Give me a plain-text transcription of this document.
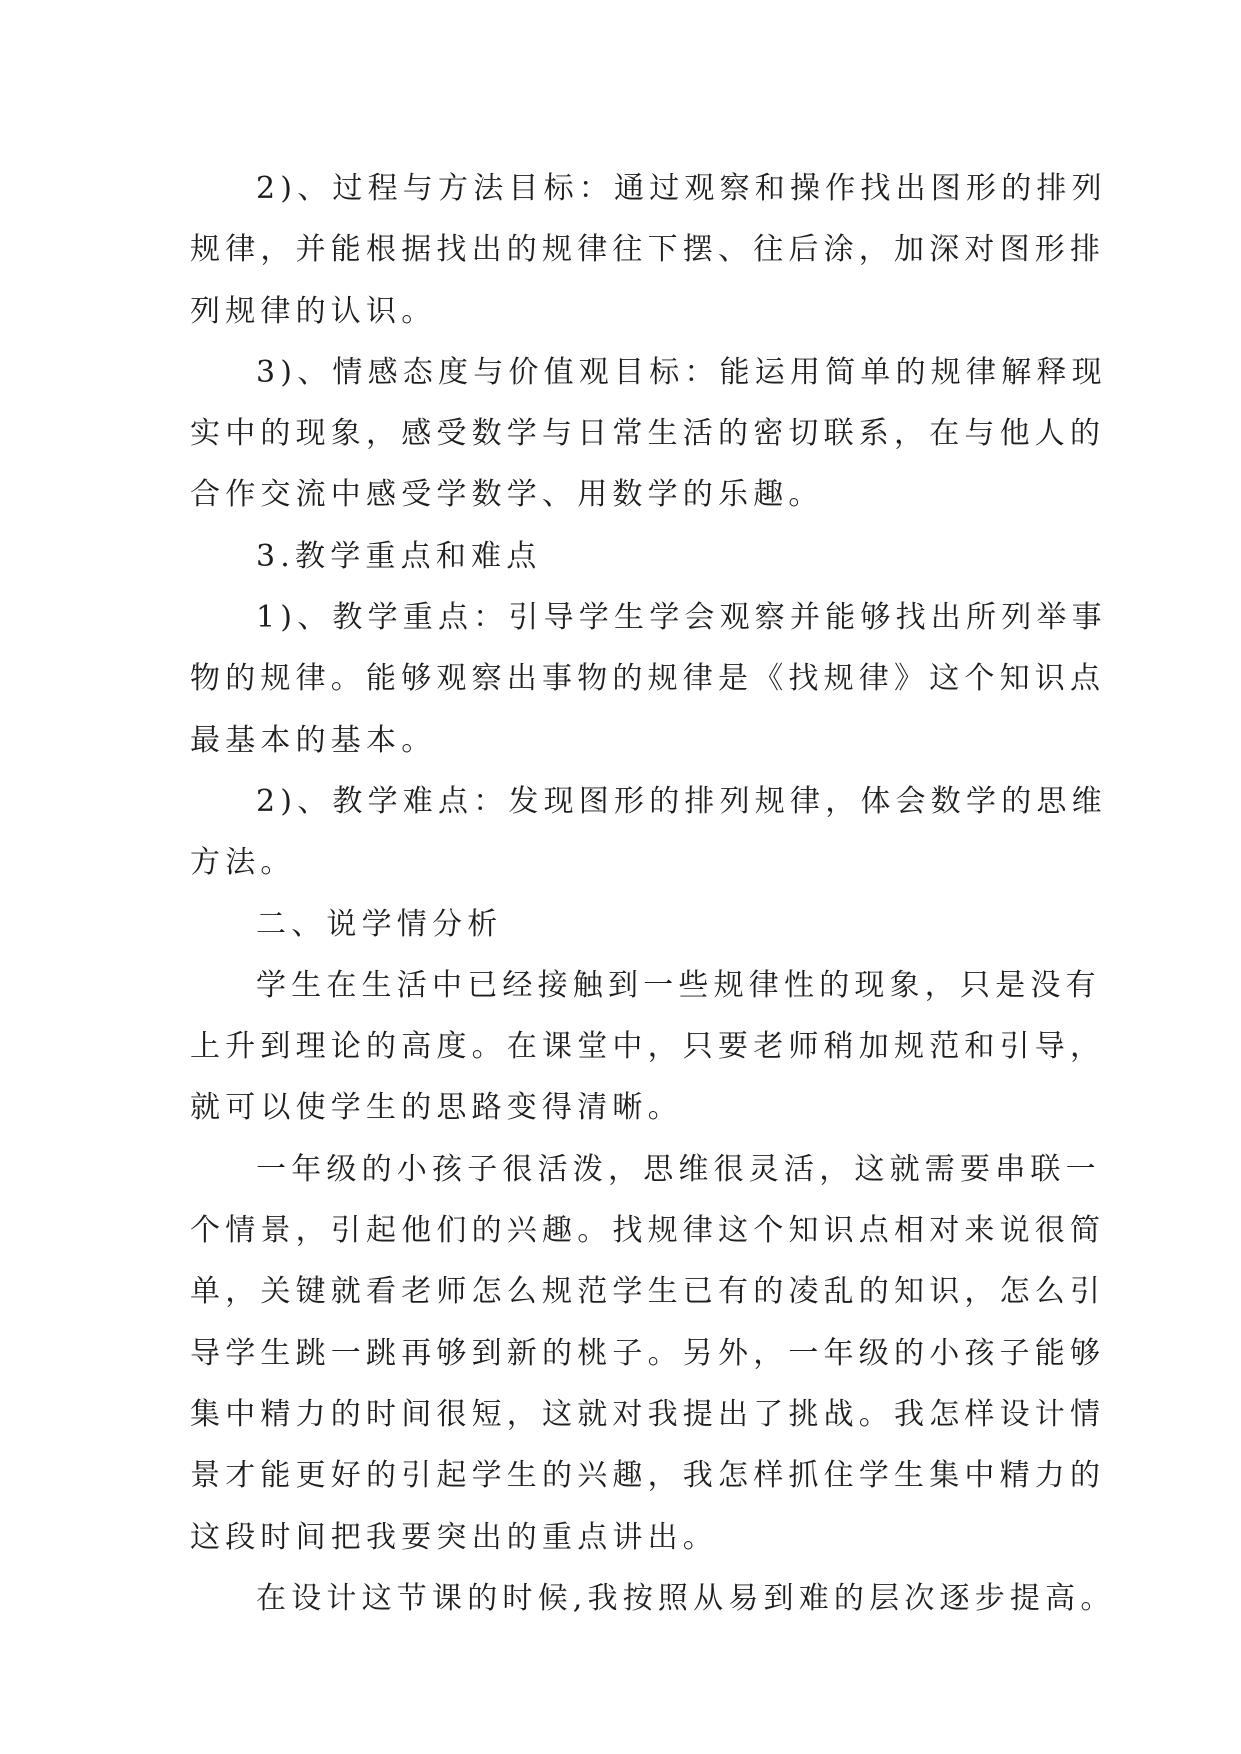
2)、过程与方法目标：通过观察和操作找出图形的排列
规律，并能根据找出的规律往下摆、往后涂，加深对图形排
列规律的认识。

3)、情感态度与价值观目标：能运用简单的规律解释现
实中的现象，感受数学与日常生活的密切联系，在与他人的
合作交流中感受学数学、用数学的乐趣。

3.教学重点和难点

1)、教学重点：引导学生学会观察并能够找出所列举事
物的规律。能够观察出事物的规律是《找规律》这个知识点
最基本的基本。

2)、教学难点：发现图形的排列规律，体会数学的思维
方法。

二、说学情分析

学生在生活中已经接触到一些规律性的现象，只是没有
上升到理论的高度。在课堂中，只要老师稍加规范和引导，
就可以使学生的思路变得清晰。

一年级的小孩子很活泼，思维很灵活，这就需要串联一
个情景，引起他们的兴趣。找规律这个知识点相对来说很简
单，关键就看老师怎么规范学生已有的凌乱的知识，怎么引
导学生跳一跳再够到新的桃子。另外，一年级的小孩子能够
集中精力的时间很短，这就对我提出了挑战。我怎样设计情
景才能更好的引起学生的兴趣，我怎样抓住学生集中精力的
这段时间把我要突出的重点讲出。

在设计这节课的时候,我按照从易到难的层次逐步提高。
